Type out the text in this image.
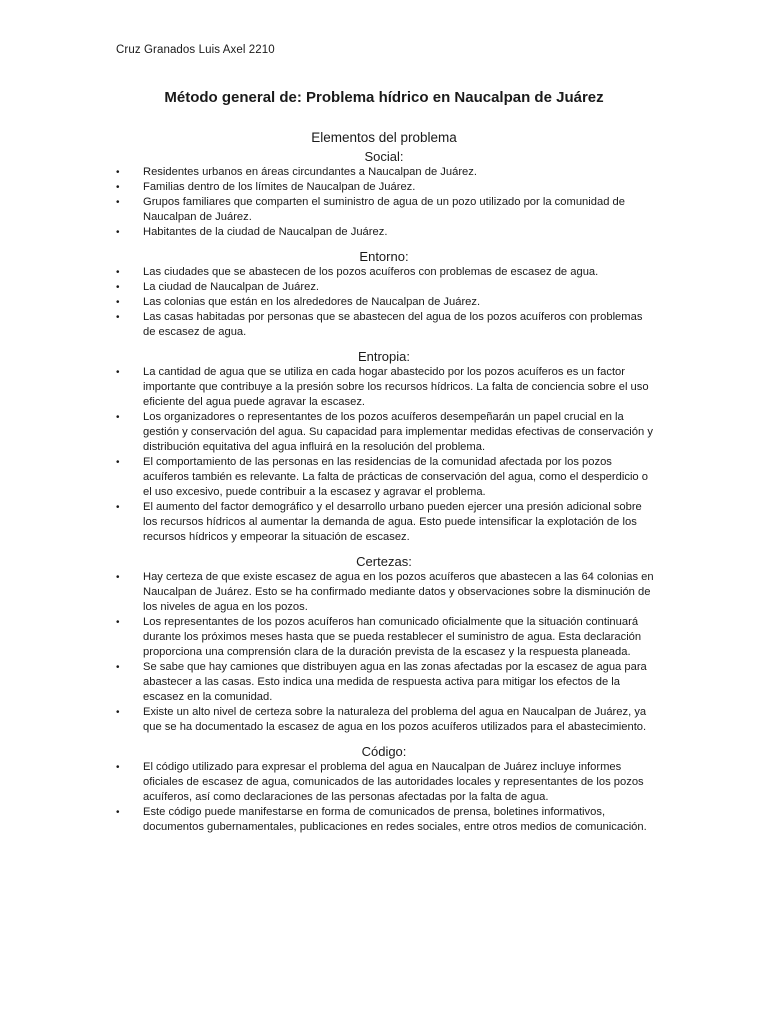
Cruz Granados Luis Axel 2210
Método general de: Problema hídrico en Naucalpan de Juárez
Elementos del problema
Social:
•	Residentes urbanos en áreas circundantes a Naucalpan de Juárez.
•	Familias dentro de los límites de Naucalpan de Juárez.
•	Grupos familiares que comparten el suministro de agua de un pozo utilizado por la comunidad de Naucalpan de Juárez.
•	Habitantes de la ciudad de Naucalpan de Juárez.
Entorno:
•	Las ciudades que se abastecen de los pozos acuíferos con problemas de escasez de agua.
•	La ciudad de Naucalpan de Juárez.
•	Las colonias que están en los alrededores de Naucalpan de Juárez.
•	Las casas habitadas por personas que se abastecen del agua de los pozos acuíferos con problemas de escasez de agua.
Entropia:
•	La cantidad de agua que se utiliza en cada hogar abastecido por los pozos acuíferos es un factor importante que contribuye a la presión sobre los recursos hídricos. La falta de conciencia sobre el uso eficiente del agua puede agravar la escasez.
•	Los organizadores o representantes de los pozos acuíferos desempeñarán un papel crucial en la gestión y conservación del agua. Su capacidad para implementar medidas efectivas de conservación y distribución equitativa del agua influirá en la resolución del problema.
•	El comportamiento de las personas en las residencias de la comunidad afectada por los pozos acuíferos también es relevante. La falta de prácticas de conservación del agua, como el desperdicio o el uso excesivo, puede contribuir a la escasez y agravar el problema.
•	El aumento del factor demográfico y el desarrollo urbano pueden ejercer una presión adicional sobre los recursos hídricos al aumentar la demanda de agua. Esto puede intensificar la explotación de los recursos hídricos y empeorar la situación de escasez.
Certezas:
•	Hay certeza de que existe escasez de agua en los pozos acuíferos que abastecen a las 64 colonias en Naucalpan de Juárez. Esto se ha confirmado mediante datos y observaciones sobre la disminución de los niveles de agua en los pozos.
•	Los representantes de los pozos acuíferos han comunicado oficialmente que la situación continuará durante los próximos meses hasta que se pueda restablecer el suministro de agua. Esta declaración proporciona una comprensión clara de la duración prevista de la escasez y la respuesta planeada.
•	Se sabe que hay camiones que distribuyen agua en las zonas afectadas por la escasez de agua para abastecer a las casas. Esto indica una medida de respuesta activa para mitigar los efectos de la escasez en la comunidad.
•	Existe un alto nivel de certeza sobre la naturaleza del problema del agua en Naucalpan de Juárez, ya que se ha documentado la escasez de agua en los pozos acuíferos utilizados para el abastecimiento.
Código:
•	El código utilizado para expresar el problema del agua en Naucalpan de Juárez incluye informes oficiales de escasez de agua, comunicados de las autoridades locales y representantes de los pozos acuíferos, así como declaraciones de las personas afectadas por la falta de agua.
•	Este código puede manifestarse en forma de comunicados de prensa, boletines informativos, documentos gubernamentales, publicaciones en redes sociales, entre otros medios de comunicación.
